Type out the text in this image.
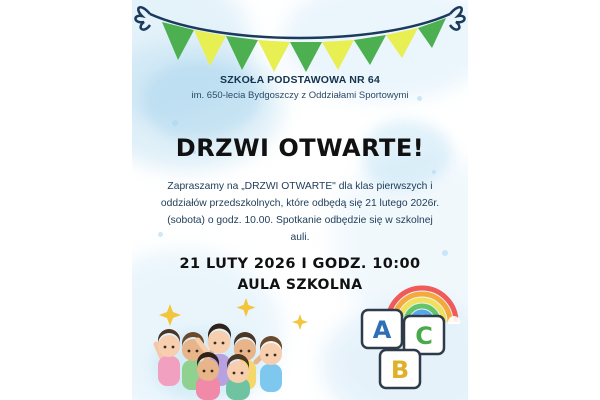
SZKOŁA PODSTAWOWA NR 64
im. 650-lecia Bydgoszczy z Oddziałami Sportowymi
DRZWI OTWARTE!
Zapraszamy na „DRZWI OTWARTE" dla klas pierwszych i oddziałów przedszkolnych, które odbędą się 21 lutego 2026r. (sobota) o godz. 10.00. Spotkanie odbędzie się w szkolnej auli.
21 LUTY 2026 I GODZ. 10:00
AULA SZKOLNA
A C
B
